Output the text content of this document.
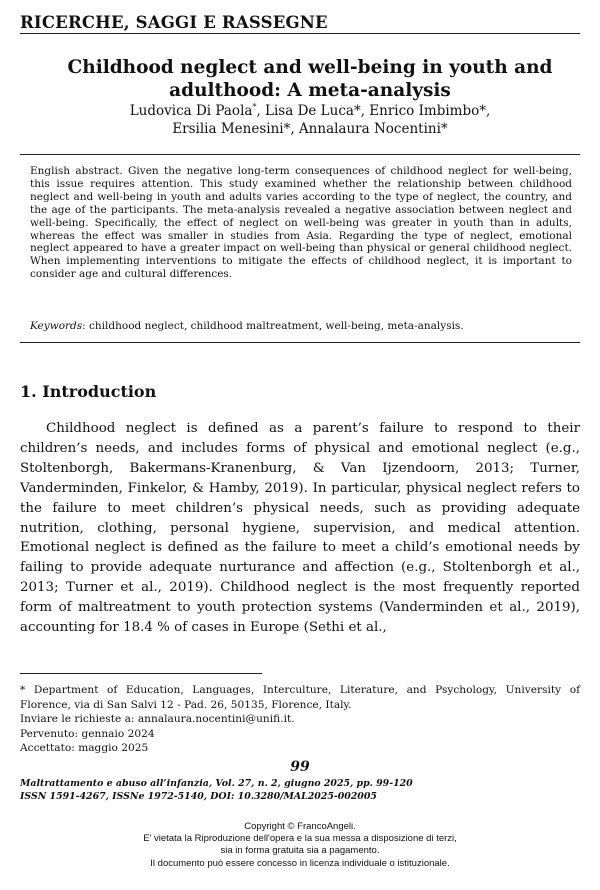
RICERCHE, SAGGI E RASSEGNE
Childhood neglect and well-being in youth and
adulthood: A meta-analysis
Ludovica Di Paola*, Lisa De Luca*, Enrico Imbimbo*,
Ersilia Menesini*, Annalaura Nocentini*
English abstract. Given the negative long-term consequences of childhood neglect for well-being, this issue requires attention. This study examined whether the relationship between childhood neglect and well-being in youth and adults varies according to the type of neglect, the country, and the age of the participants. The meta-analysis revealed a negative association between neglect and well-being. Specifically, the effect of neglect on well-being was greater in youth than in adults, whereas the effect was smaller in studies from Asia. Regarding the type of neglect, emotional neglect appeared to have a greater impact on well-being than physical or general childhood neglect. When implementing interventions to mitigate the effects of childhood neglect, it is important to consider age and cultural differences.
Keywords: childhood neglect, childhood maltreatment, well-being, meta-analysis.
1. Introduction
Childhood neglect is defined as a parent’s failure to respond to their children’s needs, and includes forms of physical and emotional neglect (e.g., Stoltenborgh, Bakermans-Kranenburg, & Van Ijzendoorn, 2013; Turner, Vanderminden, Finkelor, & Hamby, 2019). In particular, physical neglect refers to the failure to meet children’s physical needs, such as providing adequate nutrition, clothing, personal hygiene, supervision, and medical attention. Emotional neglect is defined as the failure to meet a child’s emotional needs by failing to provide adequate nurturance and affection (e.g., Stoltenborgh et al., 2013; Turner et al., 2019). Childhood neglect is the most frequently reported form of maltreatment to youth protection systems (Vanderminden et al., 2019), accounting for 18.4 % of cases in Europe (Sethi et al.,
* Department of Education, Languages, Interculture, Literature, and Psychology, University of Florence, via di San Salvi 12 - Pad. 26, 50135, Florence, Italy.
Inviare le richieste a: annalaura.nocentini@unifi.it.
Pervenuto: gennaio 2024
Accettato: maggio 2025
99
Maltrattamento e abuso all’infanzia, Vol. 27, n. 2, giugno 2025, pp. 99-120
ISSN 1591-4267, ISSNe 1972-5140, DOI: 10.3280/MAL2025-002005
Copyright © FrancoAngeli.
E' vietata la Riproduzione dell'opera e la sua messa a disposizione di terzi,
sia in forma gratuita sia a pagamento.
Il documento può essere concesso in licenza individuale o istituzionale.
